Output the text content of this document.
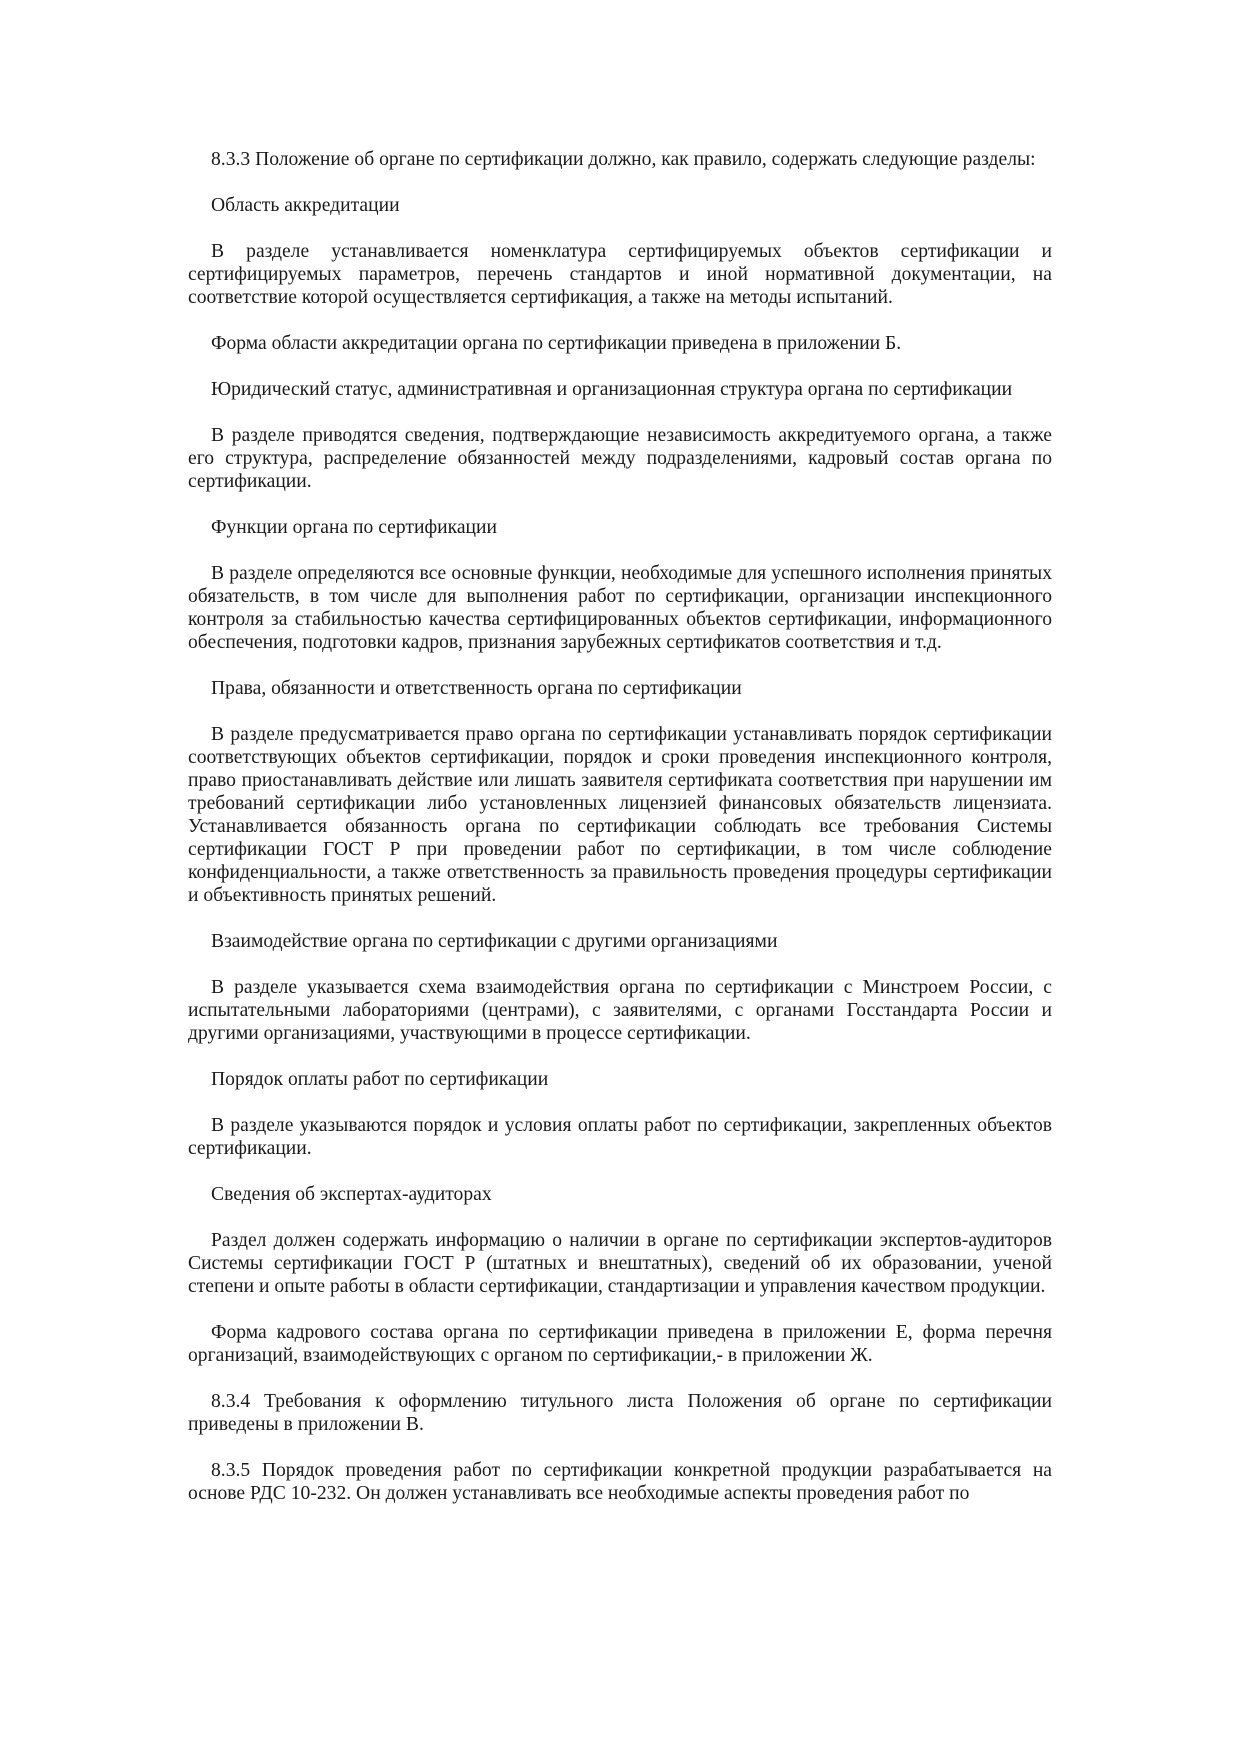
8.3.3 Положение об органе по сертификации должно, как правило, содержать следующие разделы:

Область аккредитации

В разделе устанавливается номенклатура сертифицируемых объектов сертификации и сертифицируемых параметров, перечень стандартов и иной нормативной документации, на соответствие которой осуществляется сертификация, а также на методы испытаний.

Форма области аккредитации органа по сертификации приведена в приложении Б.

Юридический статус, административная и организационная структура органа по сертификации

В разделе приводятся сведения, подтверждающие независимость аккредитуемого органа, а также его структура, распределение обязанностей между подразделениями, кадровый состав органа по сертификации.

Функции органа по сертификации

В разделе определяются все основные функции, необходимые для успешного исполнения принятых обязательств, в том числе для выполнения работ по сертификации, организации инспекционного контроля за стабильностью качества сертифицированных объектов сертификации, информационного обеспечения, подготовки кадров, признания зарубежных сертификатов соответствия и т.д.

Права, обязанности и ответственность органа по сертификации

В разделе предусматривается право органа по сертификации устанавливать порядок сертификации соответствующих объектов сертификации, порядок и сроки проведения инспекционного контроля, право приостанавливать действие или лишать заявителя сертификата соответствия при нарушении им требований сертификации либо установленных лицензией финансовых обязательств лицензиата. Устанавливается обязанность органа по сертификации соблюдать все требования Системы сертификации ГОСТ Р при проведении работ по сертификации, в том числе соблюдение конфиденциальности, а также ответственность за правильность проведения процедуры сертификации и объективность принятых решений.

Взаимодействие органа по сертификации с другими организациями

В разделе указывается схема взаимодействия органа по сертификации с Минстроем России, с испытательными лабораториями (центрами), с заявителями, с органами Госстандарта России и другими организациями, участвующими в процессе сертификации.

Порядок оплаты работ по сертификации

В разделе указываются порядок и условия оплаты работ по сертификации, закрепленных объектов сертификации.

Сведения об экспертах-аудиторах

Раздел должен содержать информацию о наличии в органе по сертификации экспертов-аудиторов Системы сертификации ГОСТ Р (штатных и внештатных), сведений об их образовании, ученой степени и опыте работы в области сертификации, стандартизации и управления качеством продукции.

Форма кадрового состава органа по сертификации приведена в приложении Е, форма перечня организаций, взаимодействующих с органом по сертификации,- в приложении Ж.

8.3.4 Требования к оформлению титульного листа Положения об органе по сертификации приведены в приложении В.

8.3.5 Порядок проведения работ по сертификации конкретной продукции разрабатывается на основе РДС 10-232. Он должен устанавливать все необходимые аспекты проведения работ по
